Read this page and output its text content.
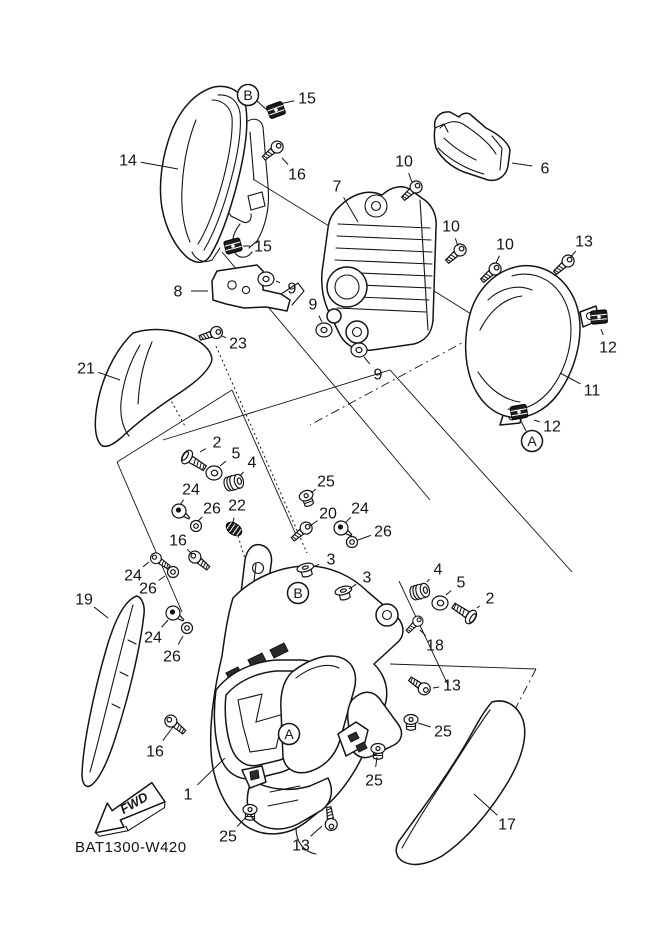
FWD
BAT1300-W420
B
B
A
A
15
14
16
10	6
7
10
13
10
15
8	9
9
9
12
23
11
21
12
2
5
4
24	25
26 22	20 24
26
16
3
3
24
26
4
5
2
19
24	18
26
13
25
16
1
25
17
25
13
